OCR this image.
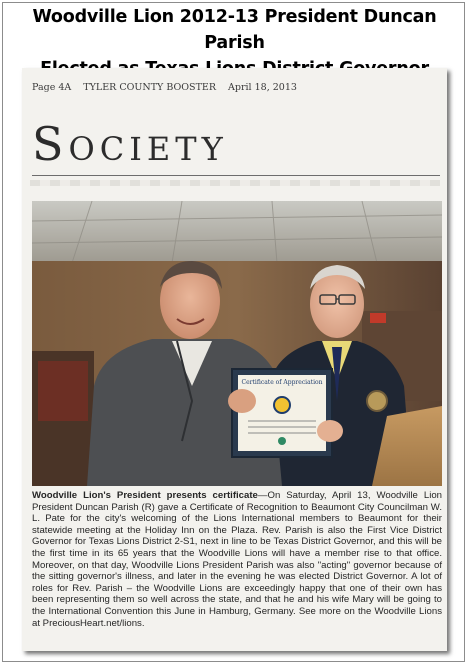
Woodville Lion 2012-13 President Duncan Parish
Page 4A TYLER COUNTY BOOSTER April 18, 2013
Society
Certificate of Appreciation
Woodville Lion's President presents certificate—On Saturday, April 13, Woodville Lion President Duncan Parish (R) gave a Certificate of Recognition to Beaumont City Councilman W. L. Pate for the city's welcoming of the Lions International members to Beaumont for their statewide meeting at the Holiday Inn on the Plaza. Rev. Parish is also the First Vice District Governor for Texas Lions District 2-S1, next in line to be Texas District Governor, and this will be the first time in its 65 years that the Woodville Lions will have a member rise to that office. Moreover, on that day, Woodville Lions President Parish was also "acting" governor because of the sitting governor's illness, and later in the evening he was elected District Governor. A lot of roles for Rev. Parish – the Woodville Lions are exceedingly happy that one of their own has been representing them so well across the state, and that he and his wife Mary will be going to the International Convention this June in Hamburg, Germany. See more on the Woodville Lions at PreciousHeart.net/lions.
